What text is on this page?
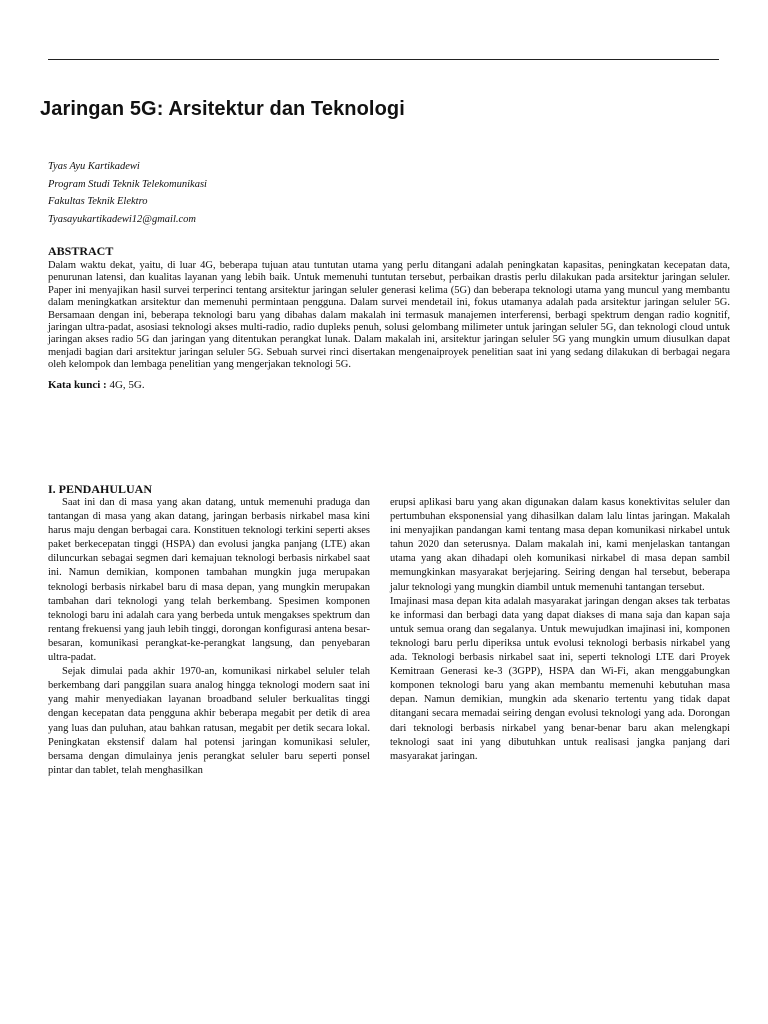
Jaringan 5G: Arsitektur dan Teknologi
Tyas Ayu Kartikadewi
Program Studi Teknik Telekomunikasi
Fakultas Teknik Elektro
Tyasayukartikadewi12@gmail.com
ABSTRACT
Dalam waktu dekat, yaitu, di luar 4G, beberapa tujuan atau tuntutan utama yang perlu ditangani adalah peningkatan kapasitas, peningkatan kecepatan data, penurunan latensi, dan kualitas layanan yang lebih baik. Untuk memenuhi tuntutan tersebut, perbaikan drastis perlu dilakukan pada arsitektur jaringan seluler. Paper ini menyajikan hasil survei terperinci tentang arsitektur jaringan seluler generasi kelima (5G) dan beberapa teknologi utama yang muncul yang membantu dalam meningkatkan arsitektur dan memenuhi permintaan pengguna. Dalam survei mendetail ini, fokus utamanya adalah pada arsitektur jaringan seluler 5G. Bersamaan dengan ini, beberapa teknologi baru yang dibahas dalam makalah ini termasuk manajemen interferensi, berbagi spektrum dengan radio kognitif, jaringan ultra-padat, asosiasi teknologi akses multi-radio, radio dupleks penuh, solusi gelombang milimeter untuk jaringan seluler 5G, dan teknologi cloud untuk jaringan akses radio 5G dan jaringan yang ditentukan perangkat lunak. Dalam makalah ini, arsitektur jaringan seluler 5G yang mungkin umum diusulkan dapat menjadi bagian dari arsitektur jaringan seluler 5G. Sebuah survei rinci disertakan mengenaiproyek penelitian saat ini yang sedang dilakukan di berbagai negara oleh kelompok dan lembaga penelitian yang mengerjakan teknologi 5G.
Kata kunci : 4G, 5G.
I. PENDAHULUAN

Saat ini dan di masa yang akan datang, untuk memenuhi praduga dan tantangan di masa yang akan datang, jaringan berbasis nirkabel masa kini harus maju dengan berbagai cara. Konstituen teknologi terkini seperti akses paket berkecepatan tinggi (HSPA) dan evolusi jangka panjang (LTE) akan diluncurkan sebagai segmen dari kemajuan teknologi berbasis nirkabel saat ini. Namun demikian, komponen tambahan mungkin juga merupakan teknologi berbasis nirkabel baru di masa depan, yang mungkin merupakan tambahan dari teknologi yang telah berkembang. Spesimen komponen teknologi baru ini adalah cara yang berbeda untuk mengakses spektrum dan rentang frekuensi yang jauh lebih tinggi, dorongan konfigurasi antena besar-besaran, komunikasi perangkat-ke-perangkat langsung, dan penyebaran ultra-padat.

Sejak dimulai pada akhir 1970-an, komunikasi nirkabel seluler telah berkembang dari panggilan suara analog hingga teknologi modern saat ini yang mahir menyediakan layanan broadband seluler berkualitas tinggi dengan kecepatan data pengguna akhir beberapa megabit per detik di area yang luas dan puluhan, atau bahkan ratusan, megabit per detik secara lokal. Peningkatan ekstensif dalam hal potensi jaringan komunikasi seluler, bersama dengan dimulainya jenis perangkat seluler baru seperti ponsel pintar dan tablet, telah menghasilkan

erupsi aplikasi baru yang akan digunakan dalam kasus konektivitas seluler dan pertumbuhan eksponensial yang dihasilkan dalam lalu lintas jaringan. Makalah ini menyajikan pandangan kami tentang masa depan komunikasi nirkabel untuk tahun 2020 dan seterusnya. Dalam makalah ini, kami menjelaskan tantangan utama yang akan dihadapi oleh komunikasi nirkabel di masa depan sambil memungkinkan masyarakat berjejaring. Seiring dengan hal tersebut, beberapa jalur teknologi yang mungkin diambil untuk memenuhi tantangan tersebut.

Imajinasi masa depan kita adalah masyarakat jaringan dengan akses tak terbatas ke informasi dan berbagi data yang dapat diakses di mana saja dan kapan saja untuk semua orang dan segalanya. Untuk mewujudkan imajinasi ini, komponen teknologi baru perlu diperiksa untuk evolusi teknologi berbasis nirkabel yang ada. Teknologi berbasis nirkabel saat ini, seperti teknologi LTE dari Proyek Kemitraan Generasi ke-3 (3GPP), HSPA dan Wi-Fi, akan menggabungkan komponen teknologi baru yang akan membantu memenuhi kebutuhan masa depan. Namun demikian, mungkin ada skenario tertentu yang tidak dapat ditangani secara memadai seiring dengan evolusi teknologi yang ada. Dorongan dari teknologi berbasis nirkabel yang benar-benar baru akan melengkapi teknologi saat ini yang dibutuhkan untuk realisasi jangka panjang dari masyarakat jaringan.
